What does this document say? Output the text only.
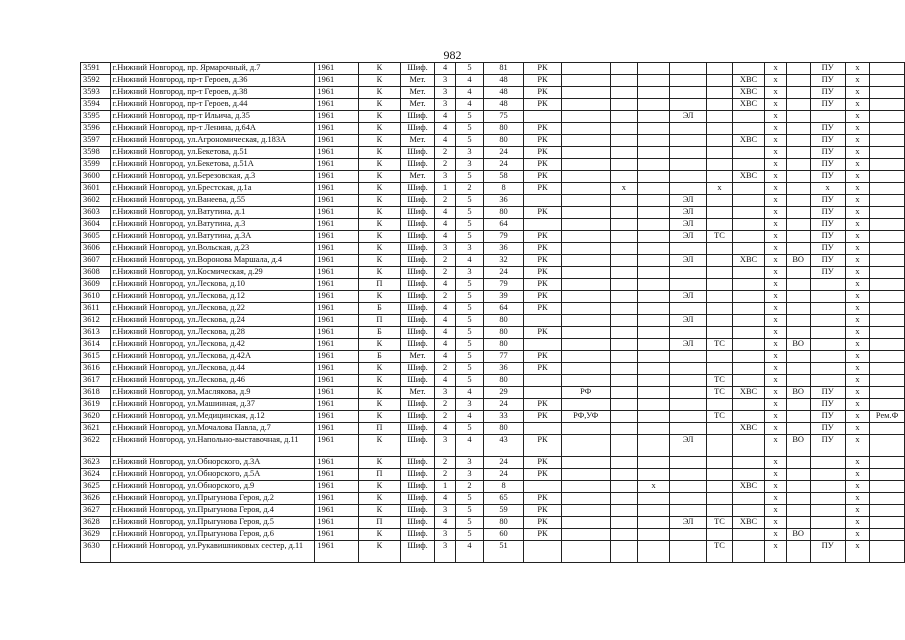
982
3591	г.Нижний Новгород, пр. Ярмарочный, д.7	1961	К	Шиф.	4	5	81	РК							х		ПУ	х	
3592	г.Нижний Новгород, пр-т Героев, д.36	1961	К	Мет.	3	4	48	РК						ХВС	х		ПУ	х	
3593	г.Нижний Новгород, пр-т Героев, д.38	1961	К	Мет.	3	4	48	РК						ХВС	х		ПУ	х	
3594	г.Нижний Новгород, пр-т Героев, д.44	1961	К	Мет.	3	4	48	РК						ХВС	х		ПУ	х	
3595	г.Нижний Новгород, пр-т Ильича, д.35	1961	К	Шиф.	4	5	75					ЭЛ			х			х	
3596	г.Нижний Новгород, пр-т Ленина, д.64А	1961	К	Шиф.	4	5	80	РК							х		ПУ	х	
3597	г.Нижний Новгород, ул.Агрономическая, д.183А	1961	К	Мет.	4	5	80	РК						ХВС	х		ПУ	х	
3598	г.Нижний Новгород, ул.Бекетова, д.51	1961	К	Шиф.	2	3	24	РК							х		ПУ	х	
3599	г.Нижний Новгород, ул.Бекетова, д.51А	1961	К	Шиф.	2	3	24	РК							х		ПУ	х	
3600	г.Нижний Новгород, ул.Березовская, д.3	1961	К	Мет.	3	5	58	РК						ХВС	х		ПУ	х	
3601	г.Нижний Новгород, ул.Брестская, д.1а	1961	К	Шиф.	1	2	8	РК		х			х		х		х	х	
3602	г.Нижний Новгород, ул.Ванеева, д.55	1961	К	Шиф.	2	5	36					ЭЛ			х		ПУ	х	
3603	г.Нижний Новгород, ул.Ватутина, д.1	1961	К	Шиф.	4	5	80	РК				ЭЛ			х		ПУ	х	
3604	г.Нижний Новгород, ул.Ватутина, д.3	1961	К	Шиф.	4	5	64					ЭЛ			х		ПУ	х	
3605	г.Нижний Новгород, ул.Ватутина, д.3А	1961	К	Шиф.	4	5	79	РК				ЭЛ	ТС		х		ПУ	х	
3606	г.Нижний Новгород, ул.Вольская, д.23	1961	К	Шиф.	3	3	36	РК							х		ПУ	х	
3607	г.Нижний Новгород, ул.Воронова Маршала, д.4	1961	К	Шиф.	2	4	32	РК				ЭЛ		ХВС	х	ВО	ПУ	х	
3608	г.Нижний Новгород, ул.Космическая, д.29	1961	К	Шиф.	2	3	24	РК							х		ПУ	х	
3609	г.Нижний Новгород, ул.Лескова, д.10	1961	П	Шиф.	4	5	79	РК							х			х	
3610	г.Нижний Новгород, ул.Лескова, д.12	1961	К	Шиф.	2	5	39	РК				ЭЛ			х			х	
3611	г.Нижний Новгород, ул.Лескова, д.22	1961	Б	Шиф.	4	5	64	РК							х			х	
3612	г.Нижний Новгород, ул.Лескова, д.24	1961	П	Шиф.	4	5	80					ЭЛ			х			х	
3613	г.Нижний Новгород, ул.Лескова, д.28	1961	Б	Шиф.	4	5	80	РК							х			х	
3614	г.Нижний Новгород, ул.Лескова, д.42	1961	К	Шиф.	4	5	80					ЭЛ	ТС		х	ВО		х	
3615	г.Нижний Новгород, ул.Лескова, д.42А	1961	Б	Мет.	4	5	77	РК							х			х	
3616	г.Нижний Новгород, ул.Лескова, д.44	1961	К	Шиф.	2	5	36	РК							х			х	
3617	г.Нижний Новгород, ул.Лескова, д.46	1961	К	Шиф.	4	5	80						ТС		х			х	
3618	г.Нижний Новгород, ул.Маслякова, д.9	1961	К	Мет.	3	4	29		РФ				ТС	ХВС	х	ВО	ПУ	х	
3619	г.Нижний Новгород, ул.Машинная, д.37	1961	К	Шиф.	2	3	24	РК							х		ПУ	х	
3620	г.Нижний Новгород, ул.Медицинская, д.12	1961	К	Шиф.	2	4	33	РК	РФ,УФ				ТС		х		ПУ	х	Рем.Ф
3621	г.Нижний Новгород, ул.Мочалова Павла, д.7	1961	П	Шиф.	4	5	80							ХВС	х		ПУ	х	
3622	г.Нижний Новгород, ул.Напольно-выставочная, д.11	1961	К	Шиф.	3	4	43	РК				ЭЛ			х	ВО	ПУ	х	
3623	г.Нижний Новгород, ул.Обнорского, д.3А	1961	К	Шиф.	2	3	24	РК							х			х	
3624	г.Нижний Новгород, ул.Обнорского, д.5А	1961	П	Шиф.	2	3	24	РК							х			х	
3625	г.Нижний Новгород, ул.Обнорского, д.9	1961	К	Шиф.	1	2	8				х			ХВС	х			х	
3626	г.Нижний Новгород, ул.Прыгунова Героя, д.2	1961	К	Шиф.	4	5	65	РК							х			х	
3627	г.Нижний Новгород, ул.Прыгунова Героя, д.4	1961	К	Шиф.	3	5	59	РК							х			х	
3628	г.Нижний Новгород, ул.Прыгунова Героя, д.5	1961	П	Шиф.	4	5	80	РК				ЭЛ	ТС	ХВС	х			х	
3629	г.Нижний Новгород, ул.Прыгунова Героя, д.6	1961	К	Шиф.	3	5	60	РК							х	ВО		х	
3630	г.Нижний Новгород, ул.Рукавишниковых сестер, д.11	1961	К	Шиф.	3	4	51						ТС		х		ПУ	х	
